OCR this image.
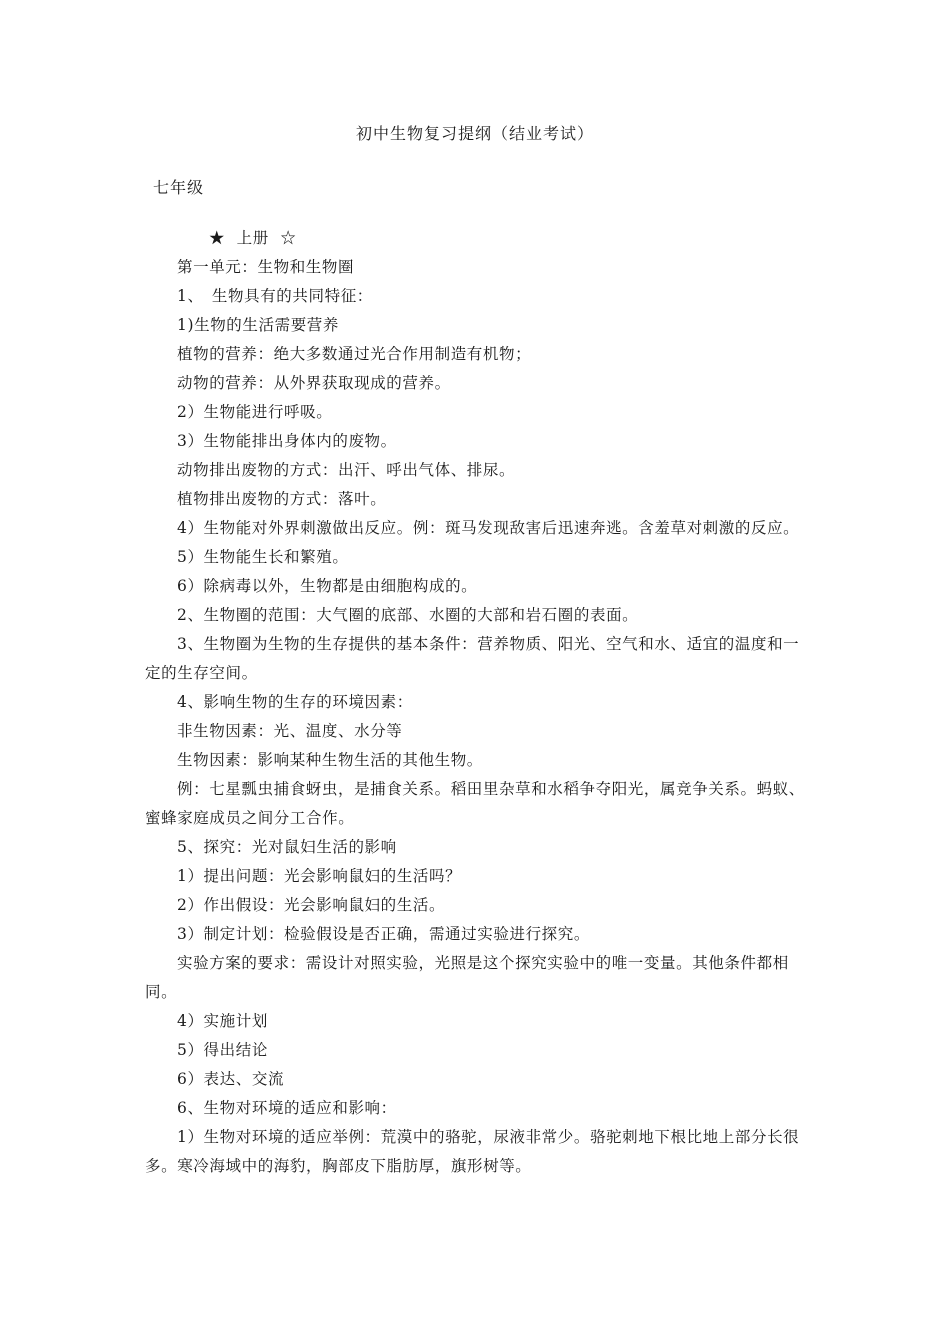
初中生物复习提纲（结业考试）
七年级

★ 上册 ☆

第一单元：生物和生物圈

1、　生物具有的共同特征：

1)生物的生活需要营养

植物的营养：绝大多数通过光合作用制造有机物；

动物的营养：从外界获取现成的营养。

2）生物能进行呼吸。

3）生物能排出身体内的废物。

动物排出废物的方式：出汗、呼出气体、排尿。

植物排出废物的方式：落叶。

4）生物能对外界刺激做出反应。例：斑马发现敌害后迅速奔逃。含羞草对刺激的反应。

5）生物能生长和繁殖。

6）除病毒以外，生物都是由细胞构成的。

2、生物圈的范围：大气圈的底部、水圈的大部和岩石圈的表面。

3、生物圈为生物的生存提供的基本条件：营养物质、阳光、空气和水、适宜的温度和一定的生存空间。

4、影响生物的生存的环境因素：

非生物因素：光、温度、水分等

生物因素：影响某种生物生活的其他生物。

例：七星瓢虫捕食蚜虫，是捕食关系。稻田里杂草和水稻争夺阳光，属竞争关系。蚂蚁、蜜蜂家庭成员之间分工合作。

5、探究：光对鼠妇生活的影响

1）提出问题：光会影响鼠妇的生活吗？

2）作出假设：光会影响鼠妇的生活。

3）制定计划：检验假设是否正确，需通过实验进行探究。

实验方案的要求：需设计对照实验，光照是这个探究实验中的唯一变量。其他条件都相同。

4）实施计划

5）得出结论

6）表达、交流

6、生物对环境的适应和影响：

1）生物对环境的适应举例：荒漠中的骆驼，尿液非常少。骆驼刺地下根比地上部分长很多。寒冷海域中的海豹，胸部皮下脂肪厚，旗形树等。
